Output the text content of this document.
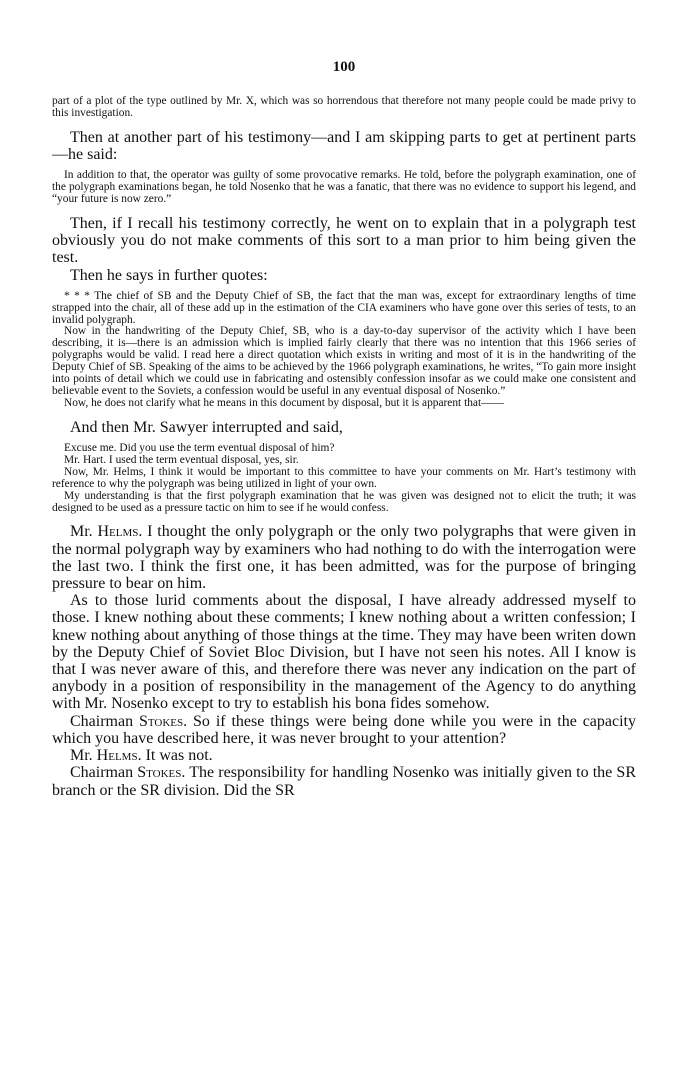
100

part of a plot of the type outlined by Mr. X, which was so horrendous that therefore not many people could be made privy to this investigation.

Then at another part of his testimony—and I am skipping parts to get at pertinent parts—he said:

In addition to that, the operator was guilty of some provocative remarks. He told, before the polygraph examination, one of the polygraph examinations began, he told Nosenko that he was a fanatic, that there was no evidence to support his legend, and “your future is now zero.”

Then, if I recall his testimony correctly, he went on to explain that in a polygraph test obviously you do not make comments of this sort to a man prior to him being given the test.

Then he says in further quotes:

* * * The chief of SB and the Deputy Chief of SB, the fact that the man was, except for extraordinary lengths of time strapped into the chair, all of these add up in the estimation of the CIA examiners who have gone over this series of tests, to an invalid polygraph.

Now in the handwriting of the Deputy Chief, SB, who is a day-to-day supervisor of the activity which I have been describing, it is—there is an admission which is implied fairly clearly that there was no intention that this 1966 series of polygraphs would be valid. I read here a direct quotation which exists in writing and most of it is in the handwriting of the Deputy Chief of SB. Speaking of the aims to be achieved by the 1966 polygraph examinations, he writes, “To gain more insight into points of detail which we could use in fabricating and ostensibly confession insofar as we could make one consistent and believable event to the Soviets, a confession would be useful in any eventual disposal of Nosenko.”

Now, he does not clarify what he means in this document by disposal, but it is apparent that——

And then Mr. Sawyer interrupted and said,

Excuse me. Did you use the term eventual disposal of him?

Mr. Hart. I used the term eventual disposal, yes, sir.

Now, Mr. Helms, I think it would be important to this committee to have your comments on Mr. Hart’s testimony with reference to why the polygraph was being utilized in light of your own.

My understanding is that the first polygraph examination that he was given was designed not to elicit the truth; it was designed to be used as a pressure tactic on him to see if he would confess.

Mr. Helms. I thought the only polygraph or the only two polygraphs that were given in the normal polygraph way by examiners who had nothing to do with the interrogation were the last two. I think the first one, it has been admitted, was for the purpose of bringing pressure to bear on him.

As to those lurid comments about the disposal, I have already addressed myself to those. I knew nothing about these comments; I knew nothing about a written confession; I knew nothing about anything of those things at the time. They may have been writen down by the Deputy Chief of Soviet Bloc Division, but I have not seen his notes. All I know is that I was never aware of this, and therefore there was never any indication on the part of anybody in a position of responsibility in the management of the Agency to do anything with Mr. Nosenko except to try to establish his bona fides somehow.

Chairman Stokes. So if these things were being done while you were in the capacity which you have described here, it was never brought to your attention?

Mr. Helms. It was not.

Chairman Stokes. The responsibility for handling Nosenko was initially given to the SR branch or the SR division. Did the SR
